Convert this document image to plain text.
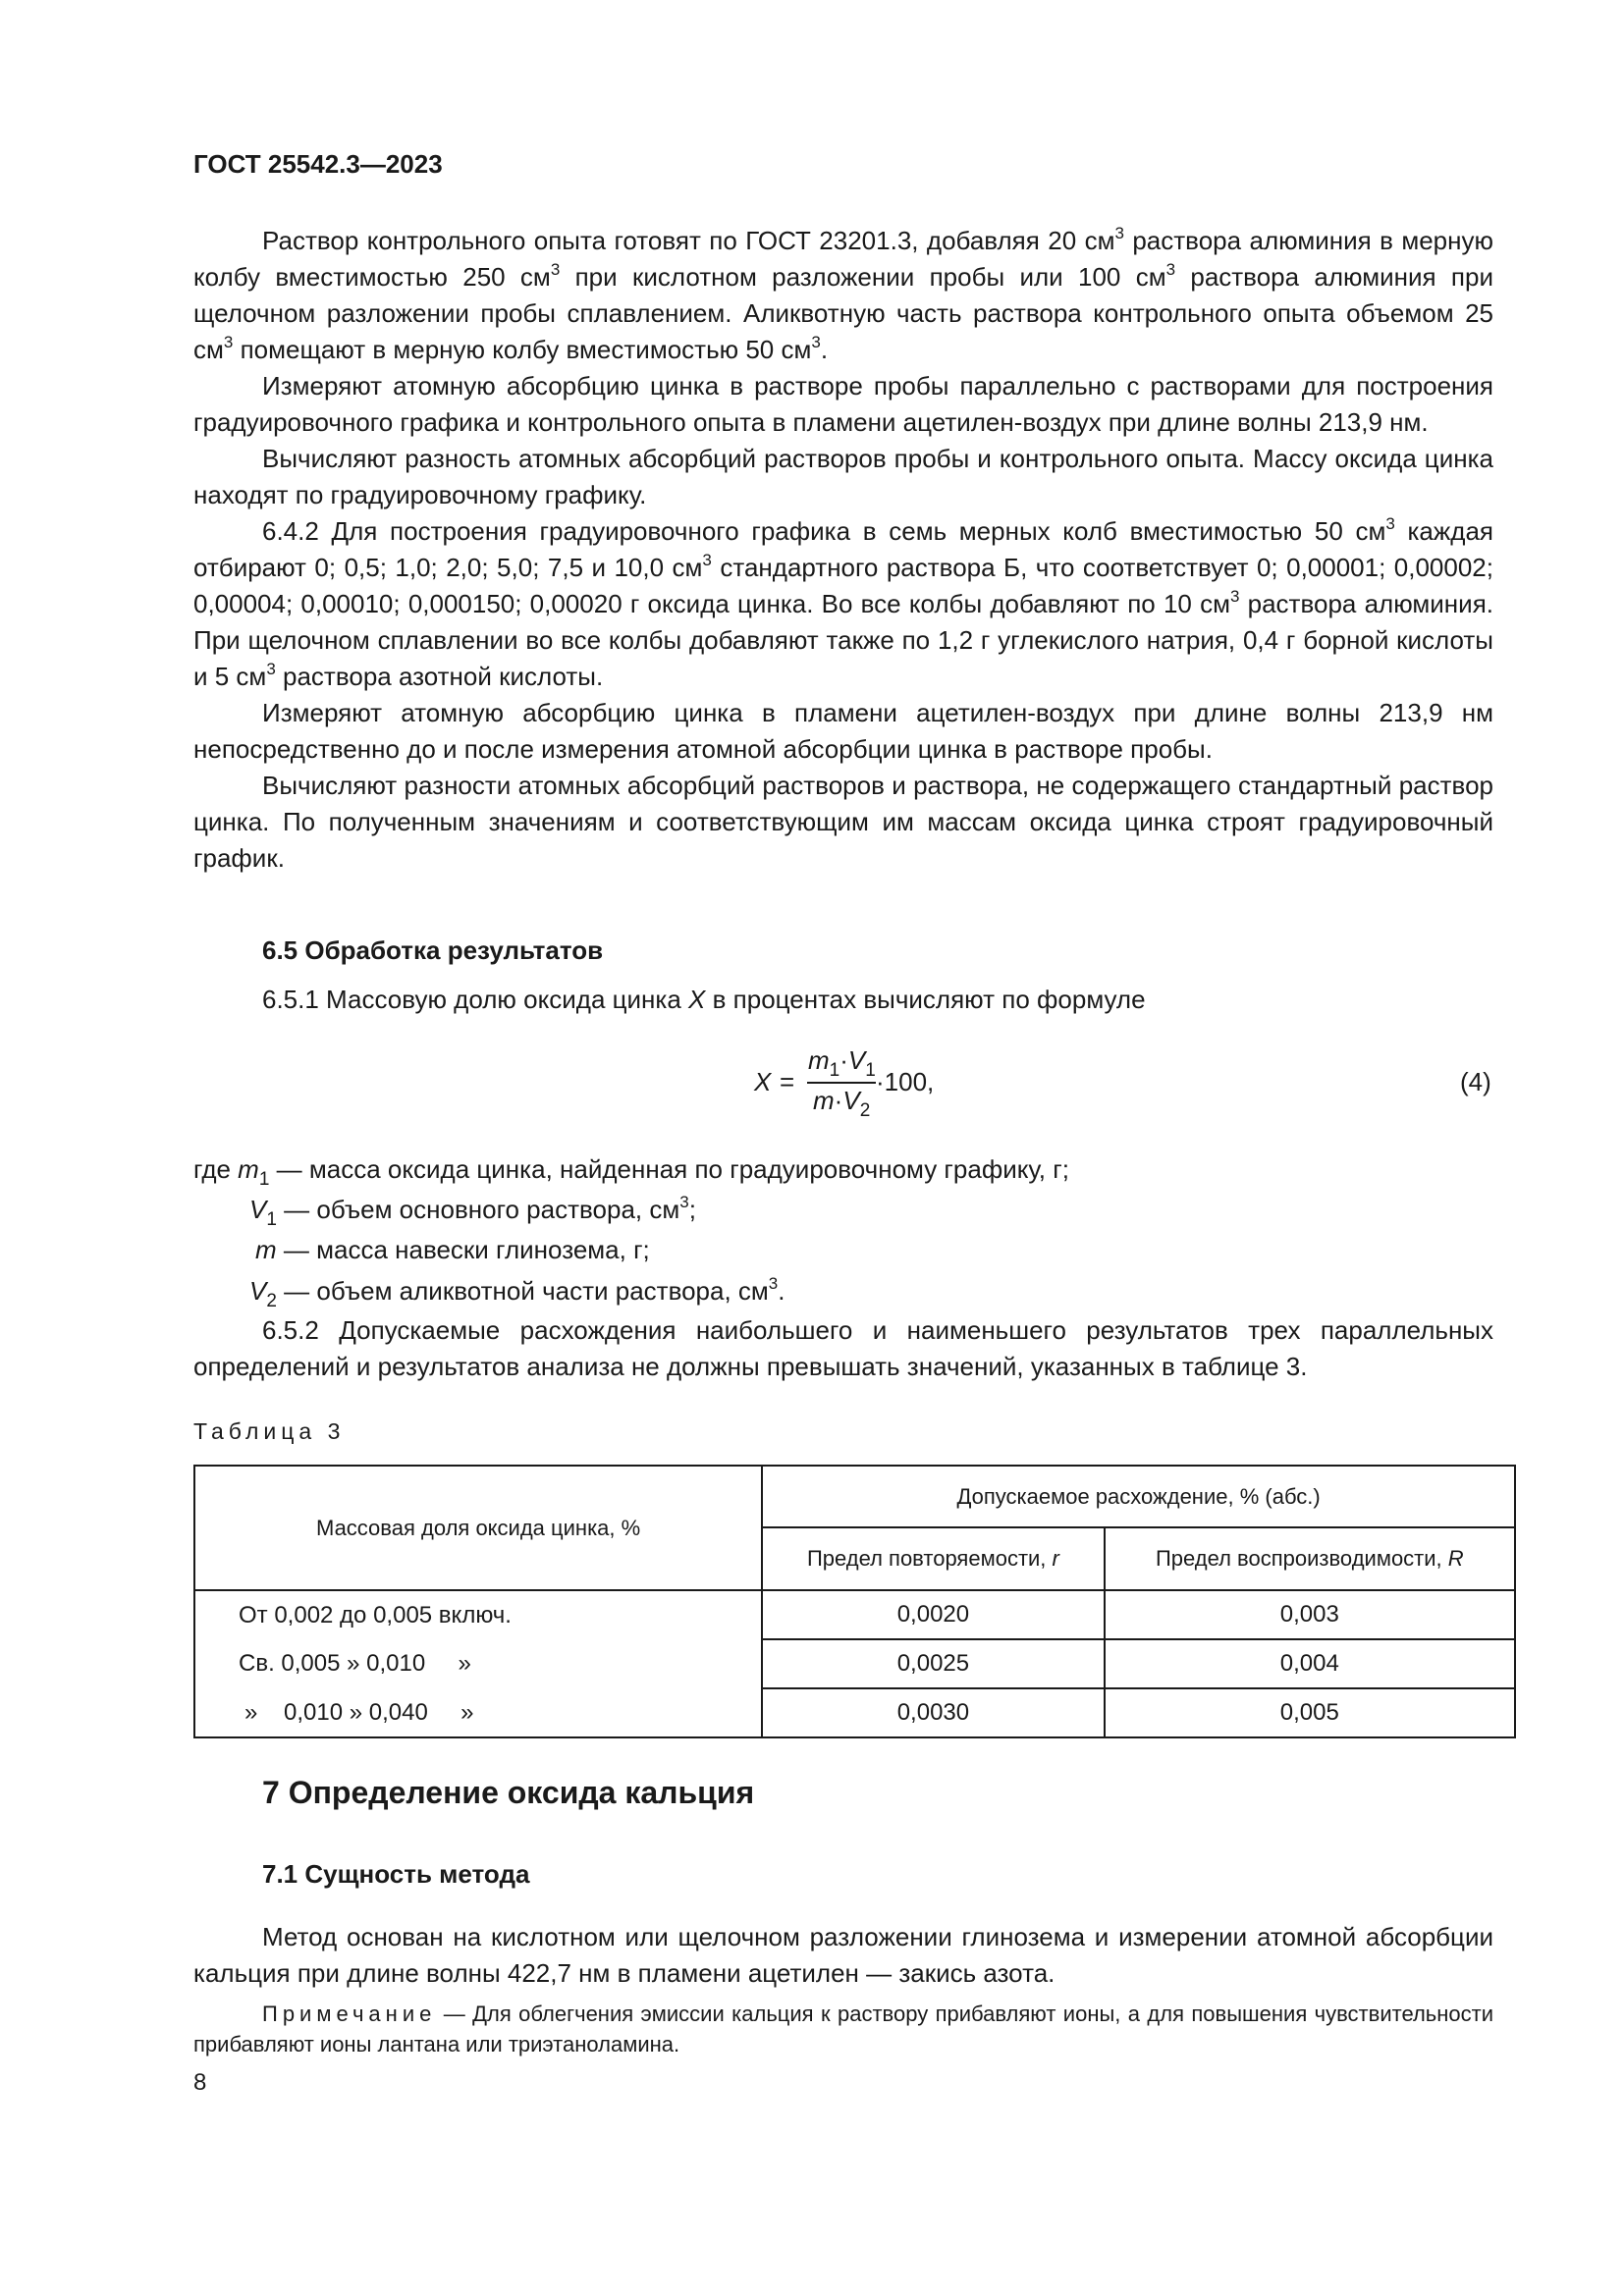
ГОСТ 25542.3—2023

Раствор контрольного опыта готовят по ГОСТ 23201.3, добавляя 20 $см^3$ раствора алюминия в мерную колбу вместимостью 250 $см^3$ при кислотном разложении пробы или 100 $см^3$ раствора алюминия при щелочном разложении пробы сплавлением. Аликвотную часть раствора контрольного опыта объемом 25 $см^3$ помещают в мерную колбу вместимостью 50 $см^3$.

Измеряют атомную абсорбцию цинка в растворе пробы параллельно с растворами для построения градуировочного графика и контрольного опыта в пламени ацетилен-воздух при длине волны 213,9 нм.

Вычисляют разность атомных абсорбций растворов пробы и контрольного опыта. Массу оксида цинка находят по градуировочному графику.

6.4.2 Для построения градуировочного графика в семь мерных колб вместимостью 50 $см^3$ каждая отбирают 0; 0,5; 1,0; 2,0; 5,0; 7,5 и 10,0 $см^3$ стандартного раствора Б, что соответствует 0; 0,00001; 0,00002; 0,00004; 0,00010; 0,000150; 0,00020 г оксида цинка. Во все колбы добавляют по 10 $см^3$ раствора алюминия. При щелочном сплавлении во все колбы добавляют также по 1,2 г углекислого натрия, 0,4 г борной кислоты и 5 $см^3$ раствора азотной кислоты.

Измеряют атомную абсорбцию цинка в пламени ацетилен-воздух при длине волны 213,9 нм непосредственно до и после измерения атомной абсорбции цинка в растворе пробы.

Вычисляют разности атомных абсорбций растворов и раствора, не содержащего стандартный раствор цинка. По полученным значениям и соответствующим им массам оксида цинка строят градуировочный график.

6.5 Обработка результатов
6.5.1 Массовую долю оксида цинка X в процентах вычисляют по формуле
X =
$m_1\cdot V_1$
$m\cdot V_2$
·100,	(4)
где $m_1$ — масса оксида цинка, найденная по градуировочному графику, г;
$V_1$ — объем основного раствора, $см^3$;
m — масса навески глинозема, г;
$V_2$ — объем аликвотной части раствора, $см^3$.
6.5.2 Допускаемые расхождения наибольшего и наименьшего результатов трех параллельных определений и результатов анализа не должны превышать значений, указанных в таблице 3.
Таблица 3
Массовая доля оксида цинка, %	Допускаемое расхождение, % (абс.)	
	Предел повторяемости, r	Предел воспроизводимости, R
От 0,002 до 0,005 включ.	0,0020	0,003
Св. 0,005 » 0,010     »	0,0025	0,004
»    0,010 » 0,040     »	0,0030	0,005
7 Определение оксида кальция
7.1 Сущность метода
Метод основан на кислотном или щелочном разложении глинозема и измерении атомной абсорбции кальция при длине волны 422,7 нм в пламени ацетилен — закись азота.
Примечание — Для облегчения эмиссии кальция к раствору прибавляют ионы, а для повышения чувствительности прибавляют ионы лантана или триэтаноламина.
8
